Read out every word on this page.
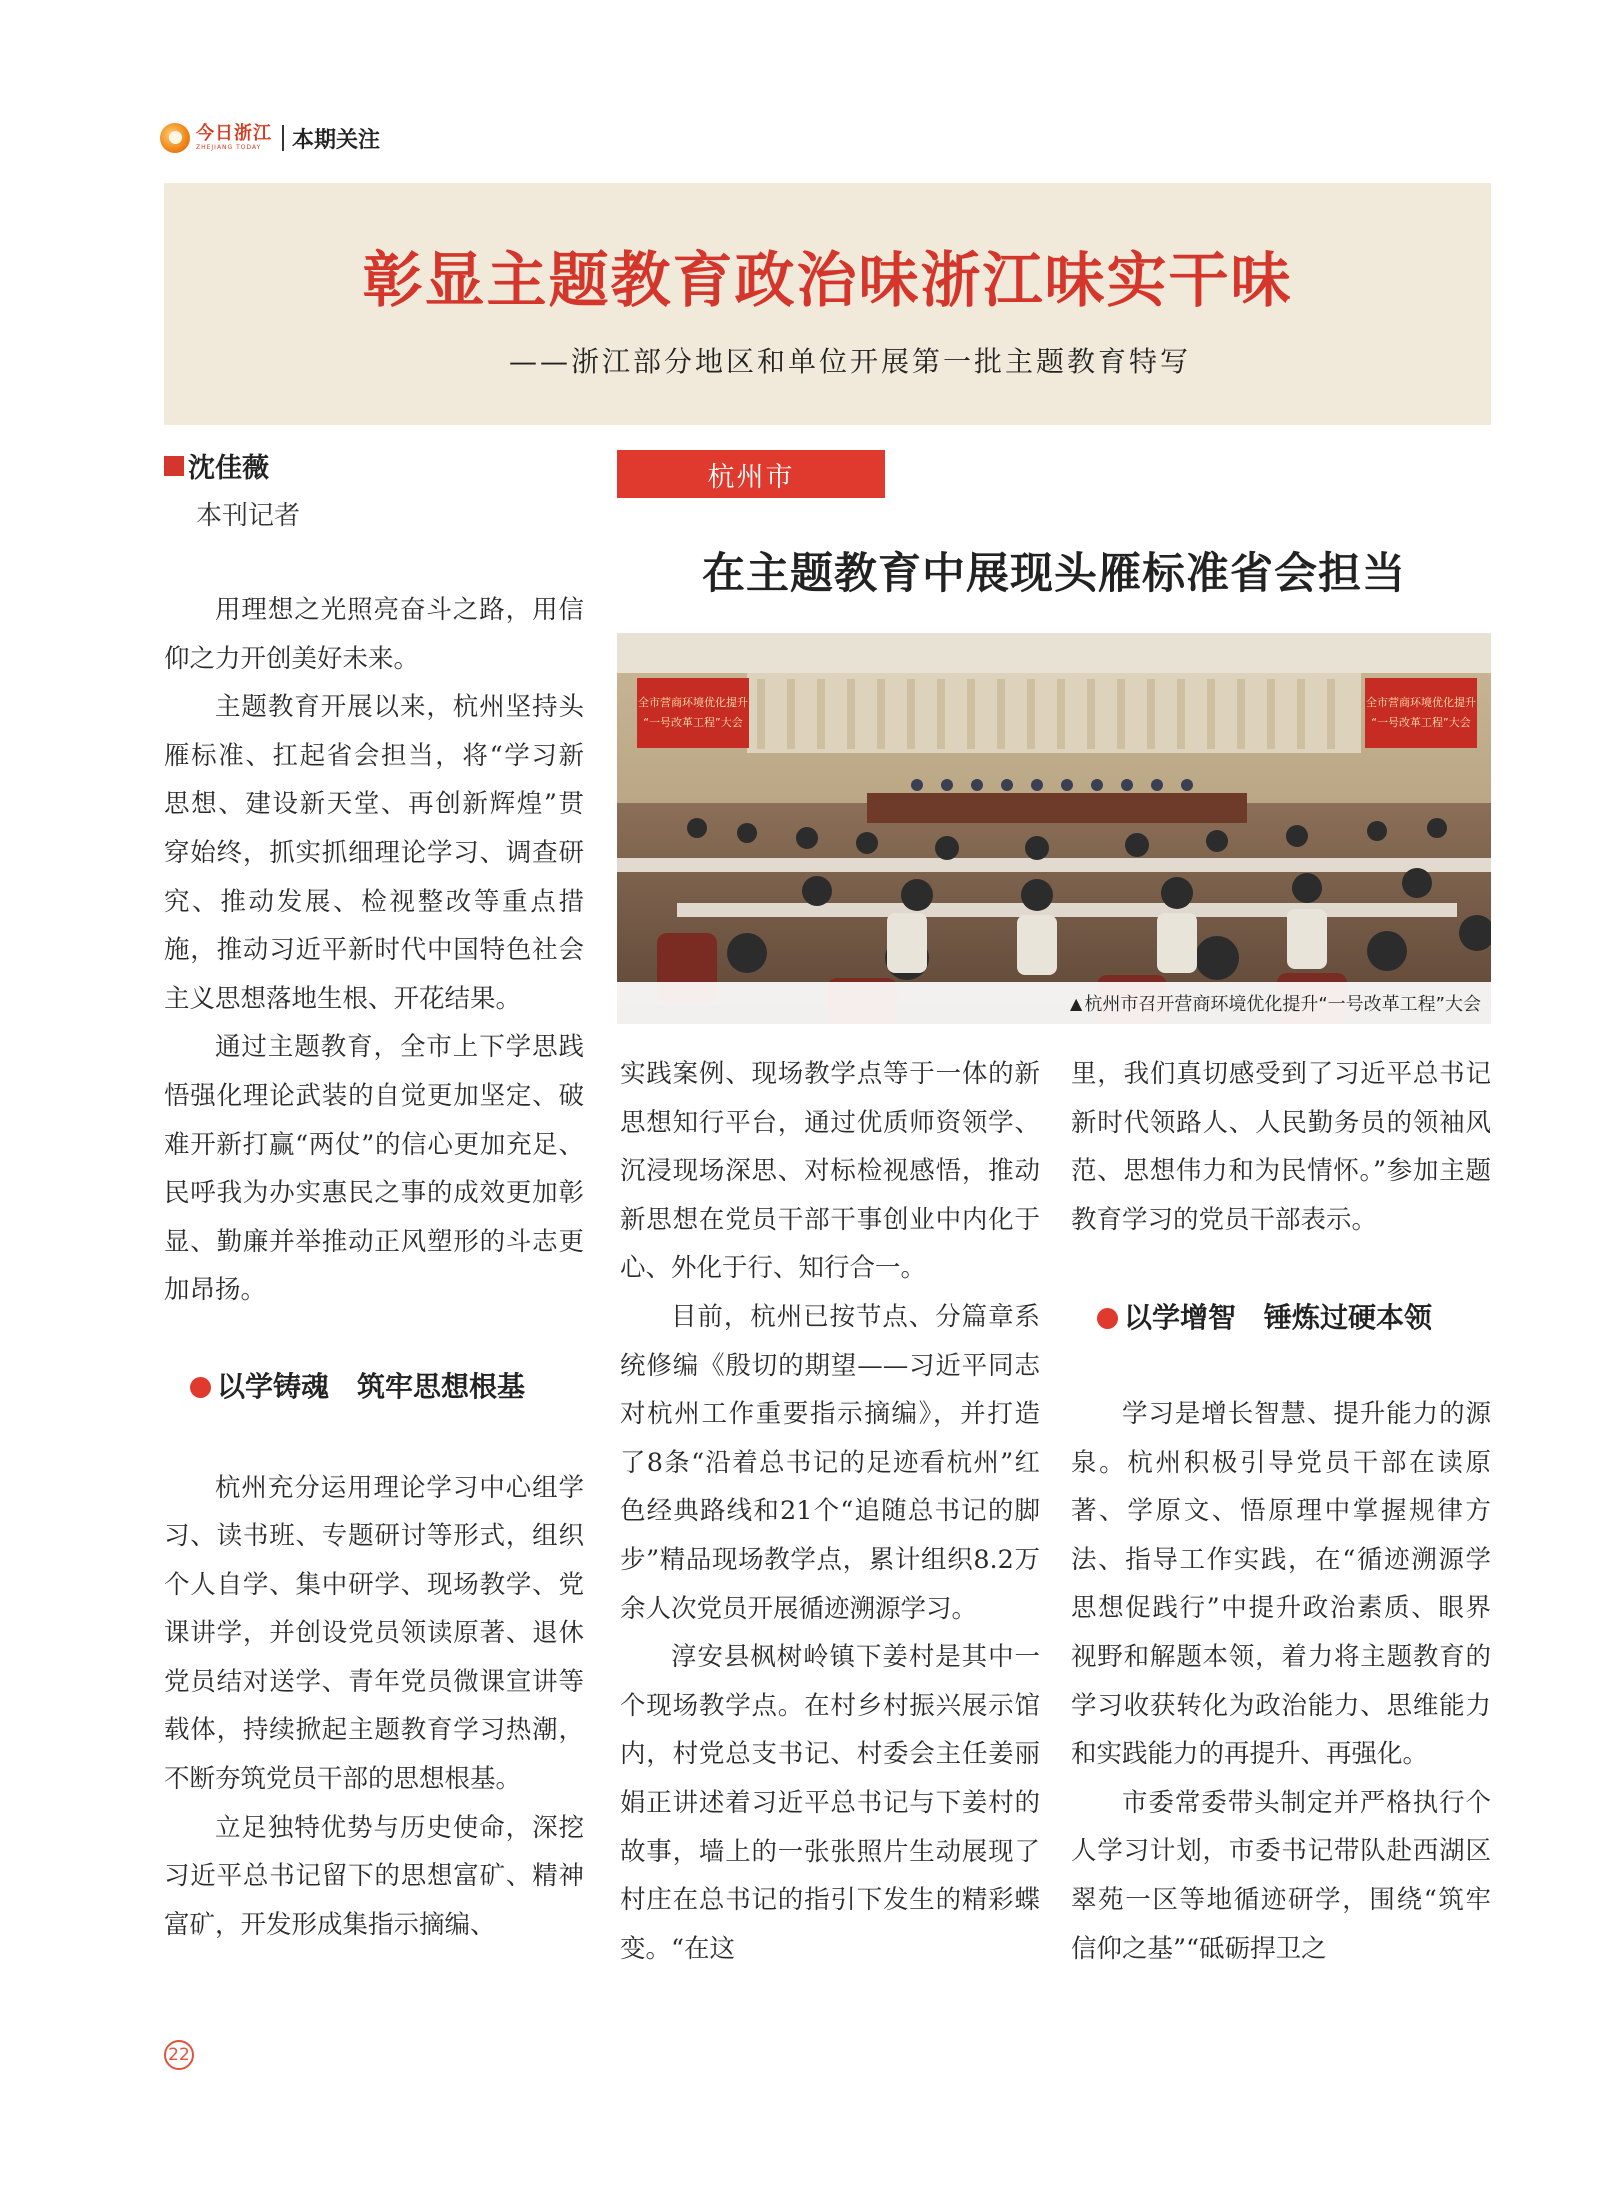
今日浙江
ZHEJIANG TODAY	本期关注
彰显主题教育政治味浙江味实干味
——浙江部分地区和单位开展第一批主题教育特写
沈佳薇
本刊记者
杭州市
在主题教育中展现头雁标准省会担当
全市营商环境优化提升
“一号改革工程”大会
全市营商环境优化提升
“一号改革工程”大会
▲ 杭州市召开营商环境优化提升“一号改革工程”大会

用理想之光照亮奋斗之路，用信仰之力开创美好未来。

主题教育开展以来，杭州坚持头雁标准、扛起省会担当，将“学习新思想、建设新天堂、再创新辉煌”贯穿始终，抓实抓细理论学习、调查研究、推动发展、检视整改等重点措施，推动习近平新时代中国特色社会主义思想落地生根、开花结果。

通过主题教育，全市上下学思践悟强化理论武装的自觉更加坚定、破难开新打赢“两仗”的信心更加充足、民呼我为办实惠民之事的成效更加彰显、勤廉并举推动正风塑形的斗志更加昂扬。

以学铸魂　筑牢思想根基

杭州充分运用理论学习中心组学习、读书班、专题研讨等形式，组织个人自学、集中研学、现场教学、党课讲学，并创设党员领读原著、退休党员结对送学、青年党员微课宣讲等载体，持续掀起主题教育学习热潮，不断夯筑党员干部的思想根基。

立足独特优势与历史使命，深挖习近平总书记留下的思想富矿、精神富矿，开发形成集指示摘编、

实践案例、现场教学点等于一体的新思想知行平台，通过优质师资领学、沉浸现场深思、对标检视感悟，推动新思想在党员干部干事创业中内化于心、外化于行、知行合一。

目前，杭州已按节点、分篇章系统修编《殷切的期望——习近平同志对杭州工作重要指示摘编》，并打造了8条“沿着总书记的足迹看杭州”红色经典路线和21个“追随总书记的脚步”精品现场教学点，累计组织8.2万余人次党员开展循迹溯源学习。

淳安县枫树岭镇下姜村是其中一个现场教学点。在村乡村振兴展示馆内，村党总支书记、村委会主任姜丽娟正讲述着习近平总书记与下姜村的故事，墙上的一张张照片生动展现了村庄在总书记的指引下发生的精彩蝶变。“在这

里，我们真切感受到了习近平总书记新时代领路人、人民勤务员的领袖风范、思想伟力和为民情怀。”参加主题教育学习的党员干部表示。

以学增智　锤炼过硬本领

学习是增长智慧、提升能力的源泉。杭州积极引导党员干部在读原著、学原文、悟原理中掌握规律方法、指导工作实践，在“循迹溯源学思想促践行”中提升政治素质、眼界视野和解题本领，着力将主题教育的学习收获转化为政治能力、思维能力和实践能力的再提升、再强化。

市委常委带头制定并严格执行个人学习计划，市委书记带队赴西湖区翠苑一区等地循迹研学，围绕“筑牢信仰之基”“砥砺捍卫之

22
